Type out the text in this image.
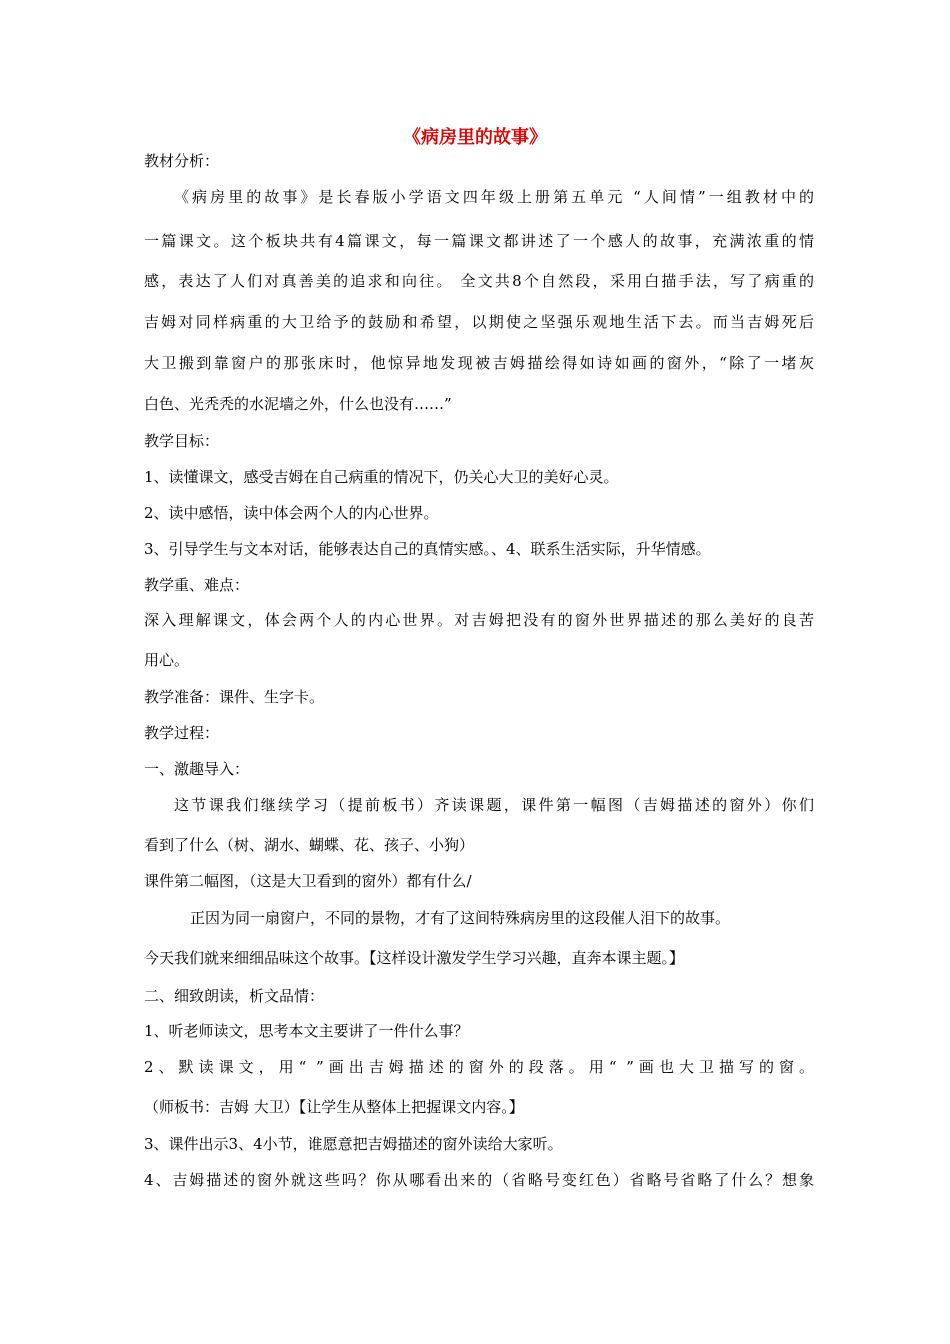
《病房里的故事》
教材分析：
《病房里的故事》是长春版小学语文四年级上册第五单元 “人间情”一组教材中的
一篇课文。这个板块共有4篇课文，每一篇课文都讲述了一个感人的故事，充满浓重的情
感，表达了人们对真善美的追求和向往。 全文共8个自然段，采用白描手法，写了病重的
吉姆对同样病重的大卫给予的鼓励和希望，以期使之坚强乐观地生活下去。而当吉姆死后
大卫搬到靠窗户的那张床时，他惊异地发现被吉姆描绘得如诗如画的窗外，“除了一堵灰
白色、光秃秃的水泥墙之外，什么也没有……”
教学目标：
1、读懂课文，感受吉姆在自己病重的情况下，仍关心大卫的美好心灵。
2、读中感悟，读中体会两个人的内心世界。
3、引导学生与文本对话，能够表达自己的真情实感。、4、联系生活实际，升华情感。
教学重、难点：
深入理解课文，体会两个人的内心世界。对吉姆把没有的窗外世界描述的那么美好的良苦
用心。
教学准备：课件、生字卡。
教学过程：
一、激趣导入：
这节课我们继续学习（提前板书）齐读课题，课件第一幅图（吉姆描述的窗外）你们
看到了什么（树、湖水、蝴蝶、花、孩子、小狗）
课件第二幅图，（这是大卫看到的窗外）都有什么/
正因为同一扇窗户，不同的景物，才有了这间特殊病房里的这段催人泪下的故事。
今天我们就来细细品味这个故事。【这样设计激发学生学习兴趣，直奔本课主题。】
二、细致朗读，析文品情：
1、听老师读文，思考本文主要讲了一件什么事？
2、默读课文，用“ ”画出吉姆描述的窗外的段落。用“ ”画也大卫描写的窗。
（师板书：吉姆 大卫）【让学生从整体上把握课文内容。】
3、课件出示3、4小节，谁愿意把吉姆描述的窗外读给大家听。
4、吉姆描述的窗外就这些吗？你从哪看出来的（省略号变红色）省略号省略了什么？想象
